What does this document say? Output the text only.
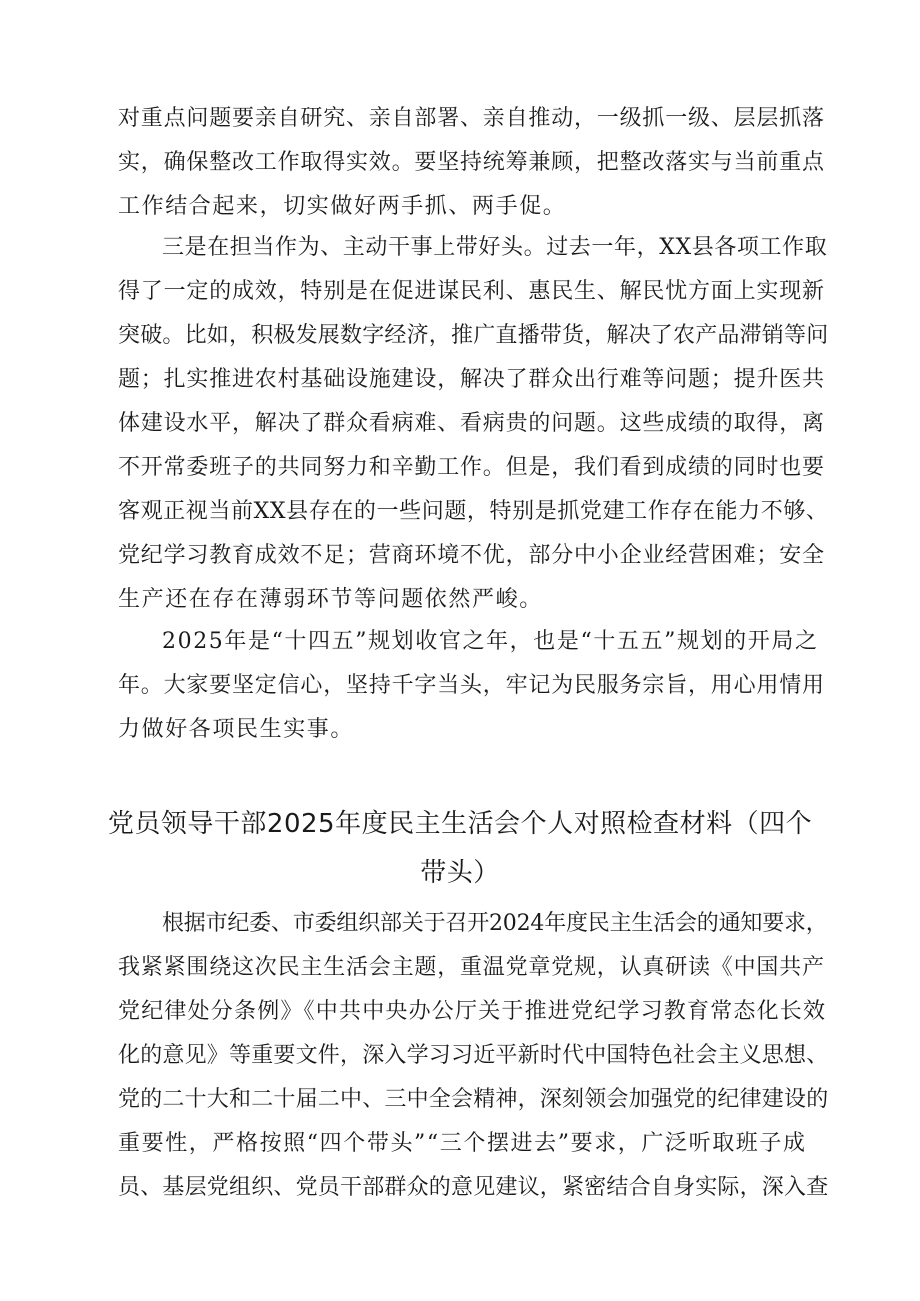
对重点问题要亲自研究、亲自部署、亲自推动，一级抓一级、层层抓落
实，确保整改工作取得实效。要坚持统筹兼顾，把整改落实与当前重点
工作结合起来，切实做好两手抓、两手促。
三是在担当作为、主动干事上带好头。过去一年，XX县各项工作取
得了一定的成效，特别是在促进谋民利、惠民生、解民忧方面上实现新
突破。比如，积极发展数字经济，推广直播带货，解决了农产品滞销等问
题；扎实推进农村基础设施建设，解决了群众出行难等问题；提升医共
体建设水平，解决了群众看病难、看病贵的问题。这些成绩的取得，离
不开常委班子的共同努力和辛勤工作。但是，我们看到成绩的同时也要
客观正视当前XX县存在的一些问题，特别是抓党建工作存在能力不够、
党纪学习教育成效不足；营商环境不优，部分中小企业经营困难；安全
生产还在存在薄弱环节等问题依然严峻。
2025年是“十四五”规划收官之年，也是“十五五”规划的开局之
年。大家要坚定信心，坚持千字当头，牢记为民服务宗旨，用心用情用
力做好各项民生实事。
党员领导干部2025年度民主生活会个人对照检查材料（四个
带头）
根据市纪委、市委组织部关于召开2024年度民主生活会的通知要求，
我紧紧围绕这次民主生活会主题，重温党章党规，认真研读《中国共产
党纪律处分条例》《中共中央办公厅关于推进党纪学习教育常态化长效
化的意见》等重要文件，深入学习习近平新时代中国特色社会主义思想、
党的二十大和二十届二中、三中全会精神，深刻领会加强党的纪律建设的
重要性，严格按照“四个带头”“三个摆进去”要求，广泛听取班子成
员、基层党组织、党员干部群众的意见建议，紧密结合自身实际，深入查
